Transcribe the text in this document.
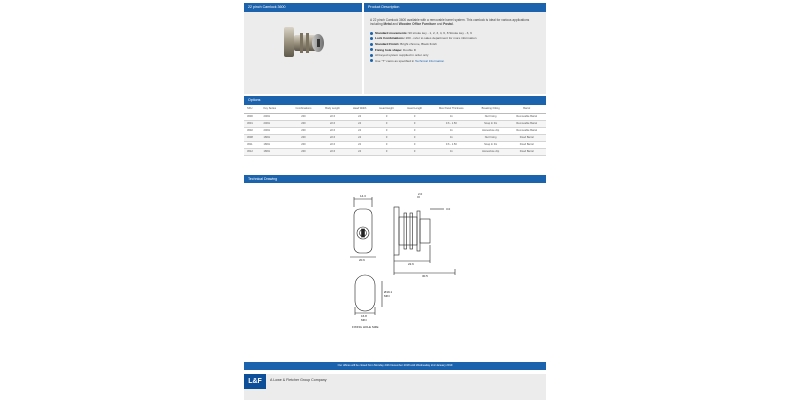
22 pinch Camlock 3600	Product Description

A 22 pinch Camlock 3600 available with a removable barrel system. This camlock is ideal for various applications including Metal and Wooden Office Furniture and Postal.

Standard movements: 90 stroke key - 1, 2, 3, 4, 6, 8 Stroke key - 3, 9
Lock Combinations: 200 - refer to sales department for more information
Standard Finish: Bright chrome, Black finish
Fixing hole shape: Double D
All keyed system supplied in order only
Use "T" cams as specified in Technical Information
Options
SKU	Key Series	Combinations	Body Length	Head Width	Head Height	Head Length	Max Panel Thickness	Breaking Fitting	Barrel
3600	20/91	200	22.6	24	0	0	11	Nut Fixing	Removable Barrel
3601	20/91	200	22.6	24	0	0	0.6 - 1.50	Snap In Fix	Removable Barrel
3602	20/91	200	22.6	24	0	0	11	Horseshoe clip	Removable Barrel
3608	18/91	200	22.6	24	0	0	11	Nut Fixing	Fixed Barrel
3611	18/91	200	22.6	22	0	0	0.6 - 1.50	Snap In Fix	Fixed Barrel
3612	18/91	200	22.6	24	0	0	11	Horseshoe clip	Fixed Barrel
Technical Drawing
14.3	2.0
3.0
20.6
22.6
30.5
Ø19.1
MIN
16.8
MIN
FIXING HOLE SIZE
Our offices will be closed from Monday 24th December 2018 until Wednesday 2nd January 2019
L&F	A Lowe & Fletcher Group Company
